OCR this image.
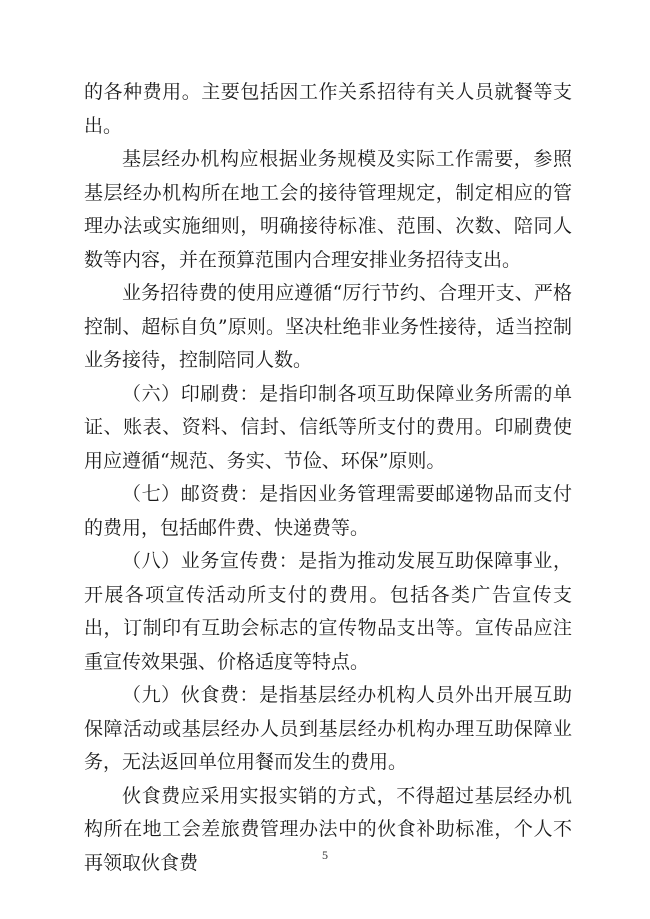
的各种费用。主要包括因工作关系招待有关人员就餐等支出。

基层经办机构应根据业务规模及实际工作需要，参照基层经办机构所在地工会的接待管理规定，制定相应的管理办法或实施细则，明确接待标准、范围、次数、陪同人数等内容，并在预算范围内合理安排业务招待支出。

业务招待费的使用应遵循“厉行节约、合理开支、严格控制、超标自负”原则。坚决杜绝非业务性接待，适当控制业务接待，控制陪同人数。

（六）印刷费：是指印制各项互助保障业务所需的单证、账表、资料、信封、信纸等所支付的费用。印刷费使用应遵循“规范、务实、节俭、环保”原则。

（七）邮资费：是指因业务管理需要邮递物品而支付的费用，包括邮件费、快递费等。

（八）业务宣传费：是指为推动发展互助保障事业，开展各项宣传活动所支付的费用。包括各类广告宣传支出，订制印有互助会标志的宣传物品支出等。宣传品应注重宣传效果强、价格适度等特点。

（九）伙食费：是指基层经办机构人员外出开展互助保障活动或基层经办人员到基层经办机构办理互助保障业务，无法返回单位用餐而发生的费用。

伙食费应采用实报实销的方式，不得超过基层经办机构所在地工会差旅费管理办法中的伙食补助标准，个人不再领取伙食费	5
